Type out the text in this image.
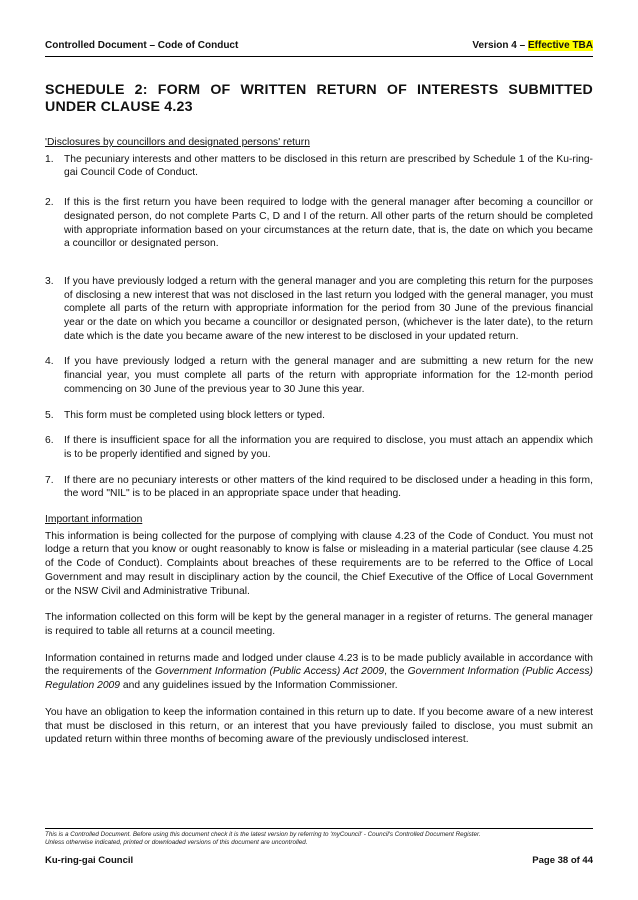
Controlled Document – Code of Conduct	Version 4 – Effective TBA
SCHEDULE 2: FORM OF WRITTEN RETURN OF INTERESTS SUBMITTED UNDER CLAUSE 4.23
'Disclosures by councillors and designated persons' return
1. The pecuniary interests and other matters to be disclosed in this return are prescribed by Schedule 1 of the Ku-ring-gai Council Code of Conduct.
2. If this is the first return you have been required to lodge with the general manager after becoming a councillor or designated person, do not complete Parts C, D and I of the return. All other parts of the return should be completed with appropriate information based on your circumstances at the return date, that is, the date on which you became a councillor or designated person.
3. If you have previously lodged a return with the general manager and you are completing this return for the purposes of disclosing a new interest that was not disclosed in the last return you lodged with the general manager, you must complete all parts of the return with appropriate information for the period from 30 June of the previous financial year or the date on which you became a councillor or designated person, (whichever is the later date), to the return date which is the date you became aware of the new interest to be disclosed in your updated return.
4. If you have previously lodged a return with the general manager and are submitting a new return for the new financial year, you must complete all parts of the return with appropriate information for the 12-month period commencing on 30 June of the previous year to 30 June this year.
5. This form must be completed using block letters or typed.
6. If there is insufficient space for all the information you are required to disclose, you must attach an appendix which is to be properly identified and signed by you.
7. If there are no pecuniary interests or other matters of the kind required to be disclosed under a heading in this form, the word "NIL" is to be placed in an appropriate space under that heading.
Important information

This information is being collected for the purpose of complying with clause 4.23 of the Code of Conduct. You must not lodge a return that you know or ought reasonably to know is false or misleading in a material particular (see clause 4.25 of the Code of Conduct). Complaints about breaches of these requirements are to be referred to the Office of Local Government and may result in disciplinary action by the council, the Chief Executive of the Office of Local Government or the NSW Civil and Administrative Tribunal.

The information collected on this form will be kept by the general manager in a register of returns. The general manager is required to table all returns at a council meeting.

Information contained in returns made and lodged under clause 4.23 is to be made publicly available in accordance with the requirements of the Government Information (Public Access) Act 2009, the Government Information (Public Access) Regulation 2009 and any guidelines issued by the Information Commissioner.

You have an obligation to keep the information contained in this return up to date. If you become aware of a new interest that must be disclosed in this return, or an interest that you have previously failed to disclose, you must submit an updated return within three months of becoming aware of the previously undisclosed interest.

This is a Controlled Document. Before using this document check it is the latest version by referring to 'myCouncil' - Council's Controlled Document Register.
Unless otherwise indicated, printed or downloaded versions of this document are uncontrolled.
Ku-ring-gai Council	Page 38 of 44
